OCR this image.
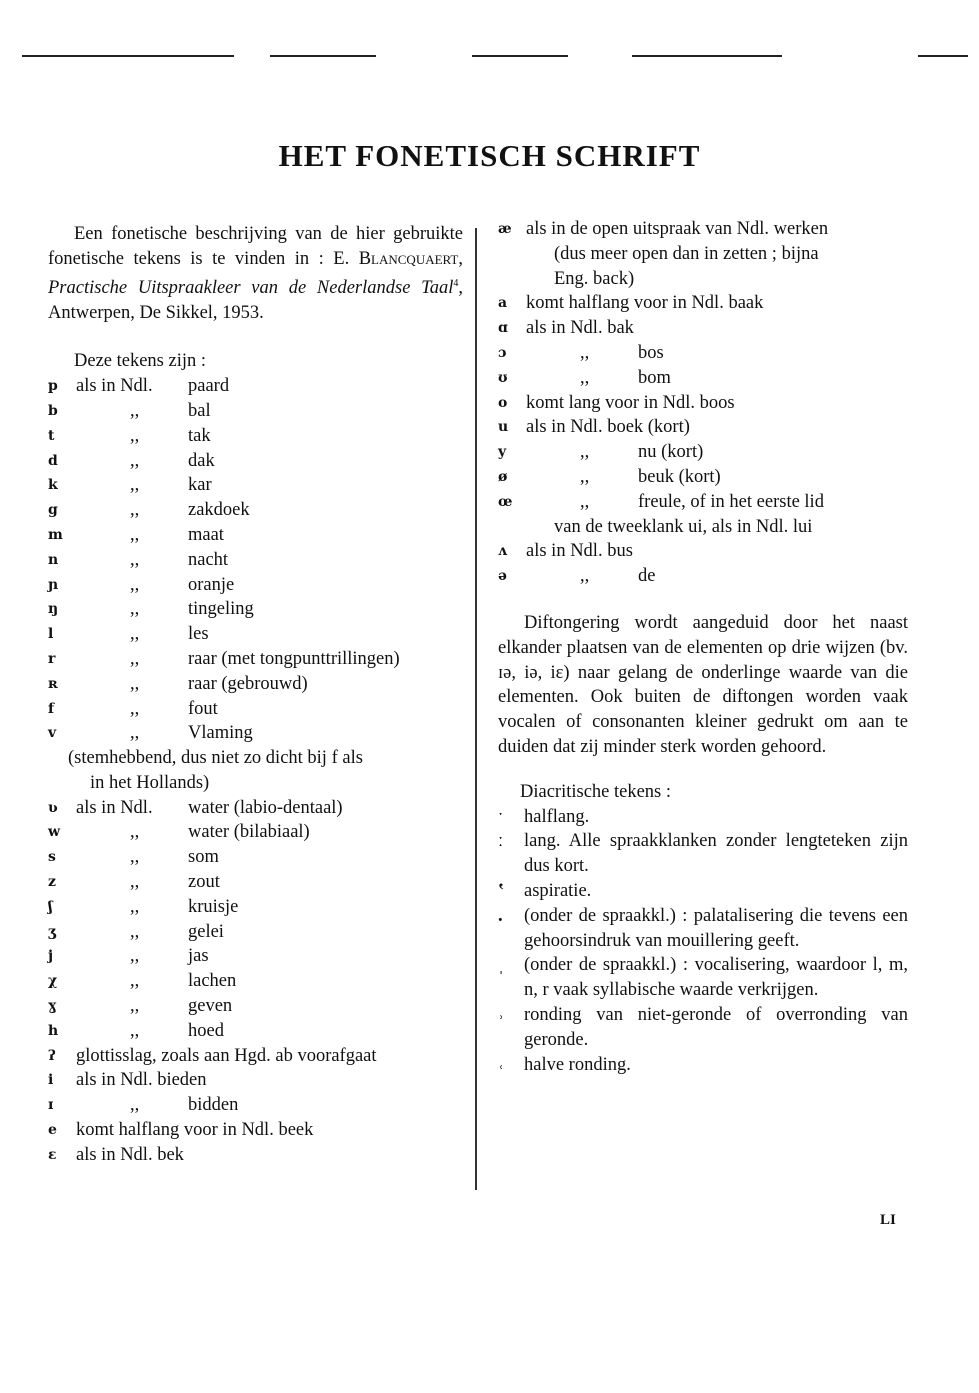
HET FONETISCH SCHRIFT

Een fonetische beschrijving van de hier gebruikte fonetische tekens is te vinden in : E. Blancquaert, Practische Uitspraakleer van de Nederlandse Taal$^4$, Antwerpen, De Sikkel, 1953.

Deze tekens zijn :
p als in Ndl. paard
b	,,	bal
t	,,	tak
d	,,	dak
k	,,	kar
g	,,	zakdoek
m	,,	maat
n	,,	nacht
ɲ	,,	oranje
ŋ	,,	tingeling
l	,,	les
r	,,	raar (met tongpunttrillingen)
ʀ	,,	raar (gebrouwd)
f	,,	fout
v	,,	Vlaming
(stemhebbend, dus niet zo dicht bij f als
in het Hollands)
ʋ als in Ndl. water (labio-dentaal)
w	,,	water (bilabiaal)
s	,,	som
z	,,	zout
ʃ	,,	kruisje
ʒ	,,	gelei
j	,,	jas
χ	,,	lachen
ɣ	,,	geven
h	,,	hoed
ʔ	glottisslag, zoals aan Hgd. ab voorafgaat
i	als in Ndl. bieden
ɪ	,,	bidden
e	komt halflang voor in Ndl. beek
ɛ	als in Ndl. bek
æ als in de open uitspraak van Ndl. werken
(dus meer open dan in zetten ; bijna
Eng. back)
a	komt halflang voor in Ndl. baak
ɑ als in Ndl. bak
ɔ	,,	bos
ʊ	,,	bom
o	komt lang voor in Ndl. boos
u als in Ndl. boek (kort)
y	,,	nu (kort)
ø	,,	beuk (kort)
œ	,,	freule, of in het eerste lid
van de tweeklank ui, als in Ndl. lui
ʌ	als in Ndl. bus
ə	,,	de

Diftongering wordt aangeduid door het naast elkander plaatsen van de elementen op drie wijzen (bv. ɪə, iə, iɛ) naar gelang de onderlinge waarde van die elementen. Ook buiten de diftongen worden vaak vocalen of consonanten kleiner gedrukt om aan te duiden dat zij minder sterk worden gehoord.

Diacritische tekens :
ˑ	halflang.
ː	lang. Alle spraakklanken zonder lengteteken zijn dus kort.
ʽ	aspiratie.
.	(onder de spraakkl.) : palatalisering die tevens een gehoorsindruk van mouillering geeft.
ˌ	(onder de spraakkl.) : vocalisering, waardoor l, m, n, r vaak syllabische waarde verkrijgen.
˒	ronding van niet-geronde of overronding van geronde.
˓	halve ronding.
LI
